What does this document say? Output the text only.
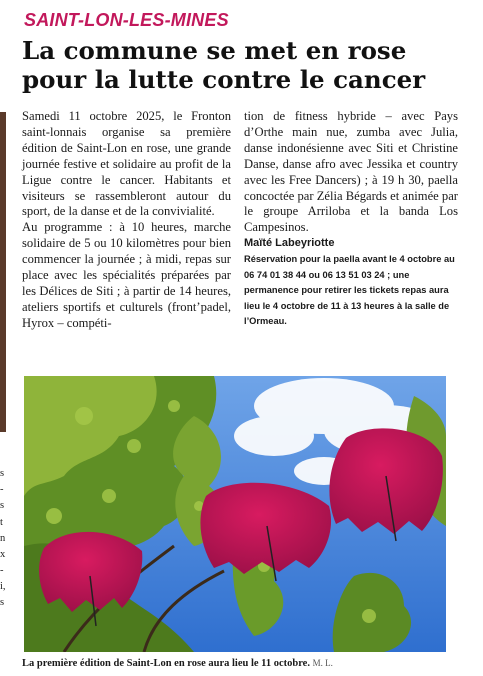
s
-
s
t
n
x
-
i,
s
SAINT-LON-LES-MINES
La commune se met en rose
pour la lutte contre le cancer

Samedi 11 octobre 2025, le Fronton saint-lonnais organise sa première édition de Saint-Lon en rose, une grande journée festive et solidaire au profit de la Ligue contre le cancer. Habitants et visiteurs se rassembleront autour du sport, de la danse et de la convivialité.

Au programme : à 10 heures, marche solidaire de 5 ou 10 kilomètres pour bien commencer la journée ; à midi, repas sur place avec les spécialités préparées par les Délices de Siti ; à partir de 14 heures, ateliers sportifs et culturels (front’padel, Hyrox – compéti-

tion de fitness hybride – avec Pays d’Orthe main nue, zumba avec Julia, danse indonésienne avec Siti et Christine Danse, danse afro avec Jessika et country avec les Free Dancers) ; à 19 h 30, paella concoctée par Zélia Bégards et animée par le groupe Arriloba et la banda Los Campesinos.

Maïté Labeyriotte

Réservation pour la paella avant le 4 octobre au 06 74 01 38 44 ou 06 13 51 03 24 ; une permanence pour retirer les tickets repas aura lieu le 4 octobre de 11 à 13 heures à la salle de l’Ormeau.

La première édition de Saint-Lon en rose aura lieu le 11 octobre. M. L.
